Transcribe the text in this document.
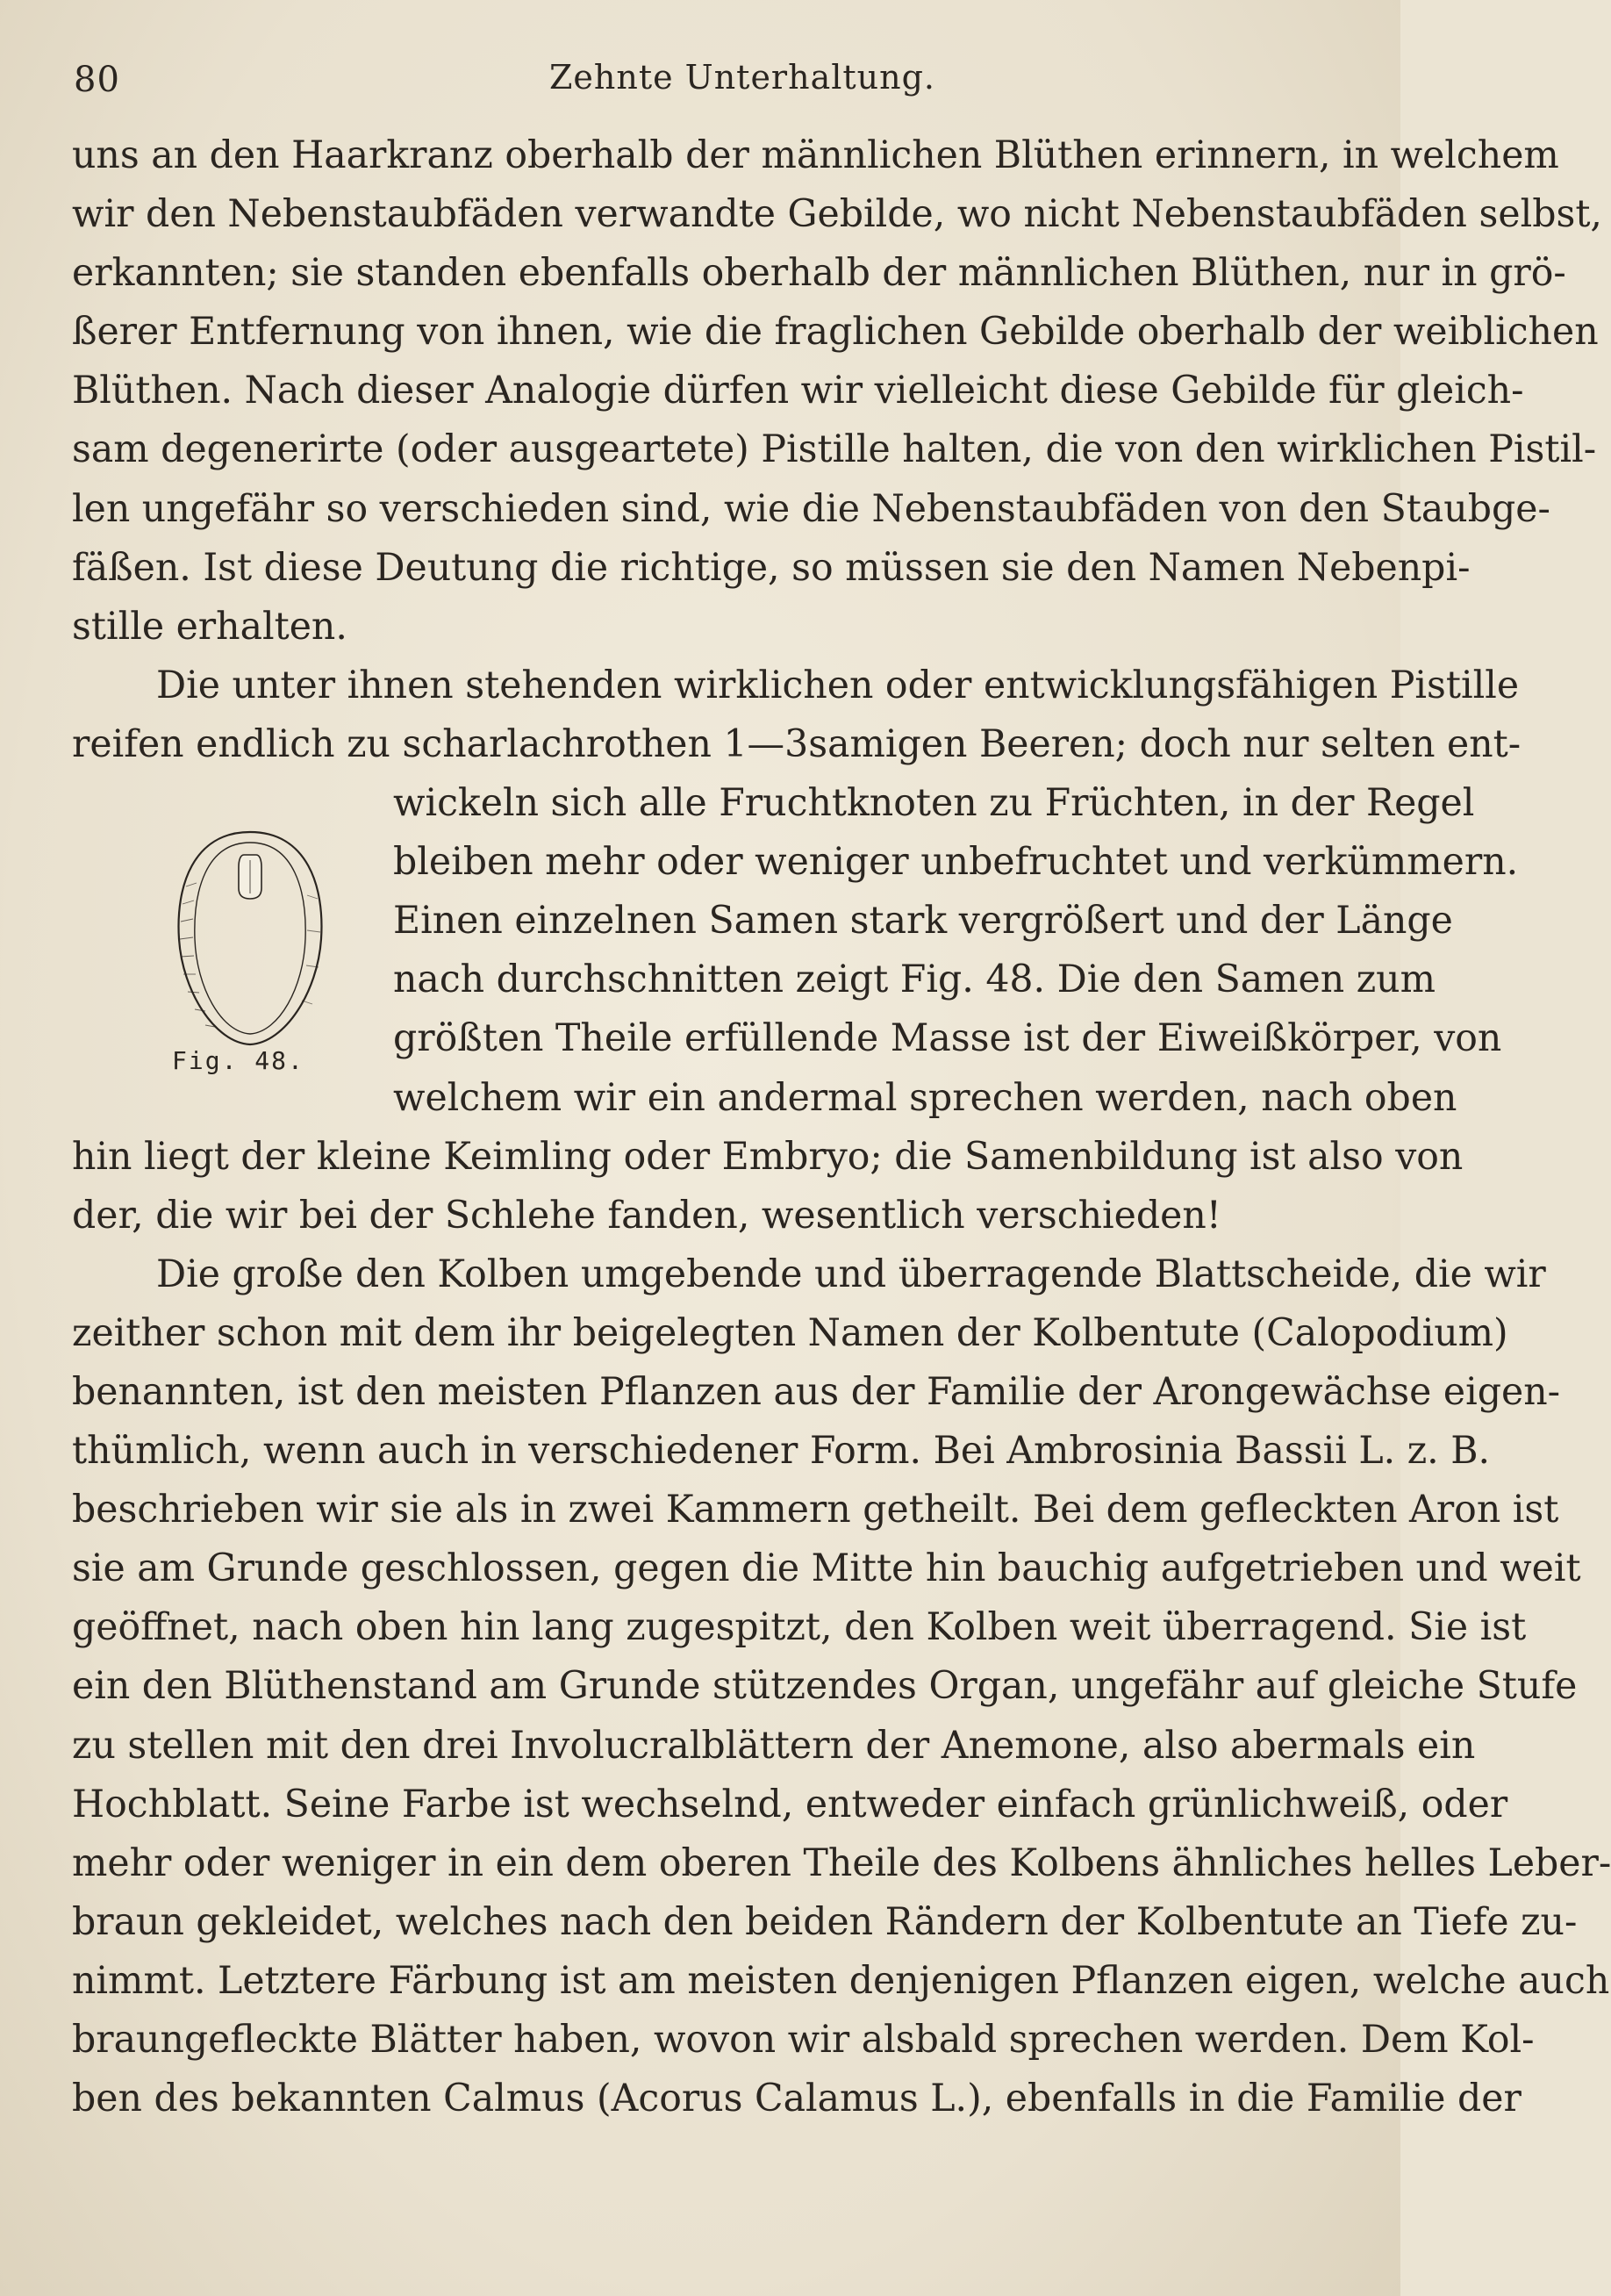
80	Zehnte Unterhaltung.
Fig. 48.
uns an den Haarkranz oberhalb der männlichen Blüthen erinnern, in welchem
wir den Nebenstaubfäden verwandte Gebilde, wo nicht Nebenstaubfäden selbst,
erkannten; sie standen ebenfalls oberhalb der männlichen Blüthen, nur in grö-
ßerer Entfernung von ihnen, wie die fraglichen Gebilde oberhalb der weiblichen
Blüthen. Nach dieser Analogie dürfen wir vielleicht diese Gebilde für gleich-
sam degenerirte (oder ausgeartete) Pistille halten, die von den wirklichen Pistil-
len ungefähr so verschieden sind, wie die Nebenstaubfäden von den Staubge-
fäßen. Ist diese Deutung die richtige, so müssen sie den Namen Nebenpi-
stille erhalten.
Die unter ihnen stehenden wirklichen oder entwicklungsfähigen Pistille
reifen endlich zu scharlachrothen 1—3samigen Beeren; doch nur selten ent-
wickeln sich alle Fruchtknoten zu Früchten, in der Regel
bleiben mehr oder weniger unbefruchtet und verkümmern.
Einen einzelnen Samen stark vergrößert und der Länge
nach durchschnitten zeigt Fig. 48. Die den Samen zum
größten Theile erfüllende Masse ist der Eiweißkörper, von
welchem wir ein andermal sprechen werden, nach oben
hin liegt der kleine Keimling oder Embryo; die Samenbildung ist also von
der, die wir bei der Schlehe fanden, wesentlich verschieden!
Die große den Kolben umgebende und überragende Blattscheide, die wir
zeither schon mit dem ihr beigelegten Namen der Kolbentute (Calopodium)
benannten, ist den meisten Pflanzen aus der Familie der Arongewächse eigen-
thümlich, wenn auch in verschiedener Form. Bei Ambrosinia Bassii L. z. B.
beschrieben wir sie als in zwei Kammern getheilt. Bei dem gefleckten Aron ist
sie am Grunde geschlossen, gegen die Mitte hin bauchig aufgetrieben und weit
geöffnet, nach oben hin lang zugespitzt, den Kolben weit überragend. Sie ist
ein den Blüthenstand am Grunde stützendes Organ, ungefähr auf gleiche Stufe
zu stellen mit den drei Involucralblättern der Anemone, also abermals ein
Hochblatt. Seine Farbe ist wechselnd, entweder einfach grünlichweiß, oder
mehr oder weniger in ein dem oberen Theile des Kolbens ähnliches helles Leber-
braun gekleidet, welches nach den beiden Rändern der Kolbentute an Tiefe zu-
nimmt. Letztere Färbung ist am meisten denjenigen Pflanzen eigen, welche auch
braungefleckte Blätter haben, wovon wir alsbald sprechen werden. Dem Kol-
ben des bekannten Calmus (Acorus Calamus L.), ebenfalls in die Familie der
